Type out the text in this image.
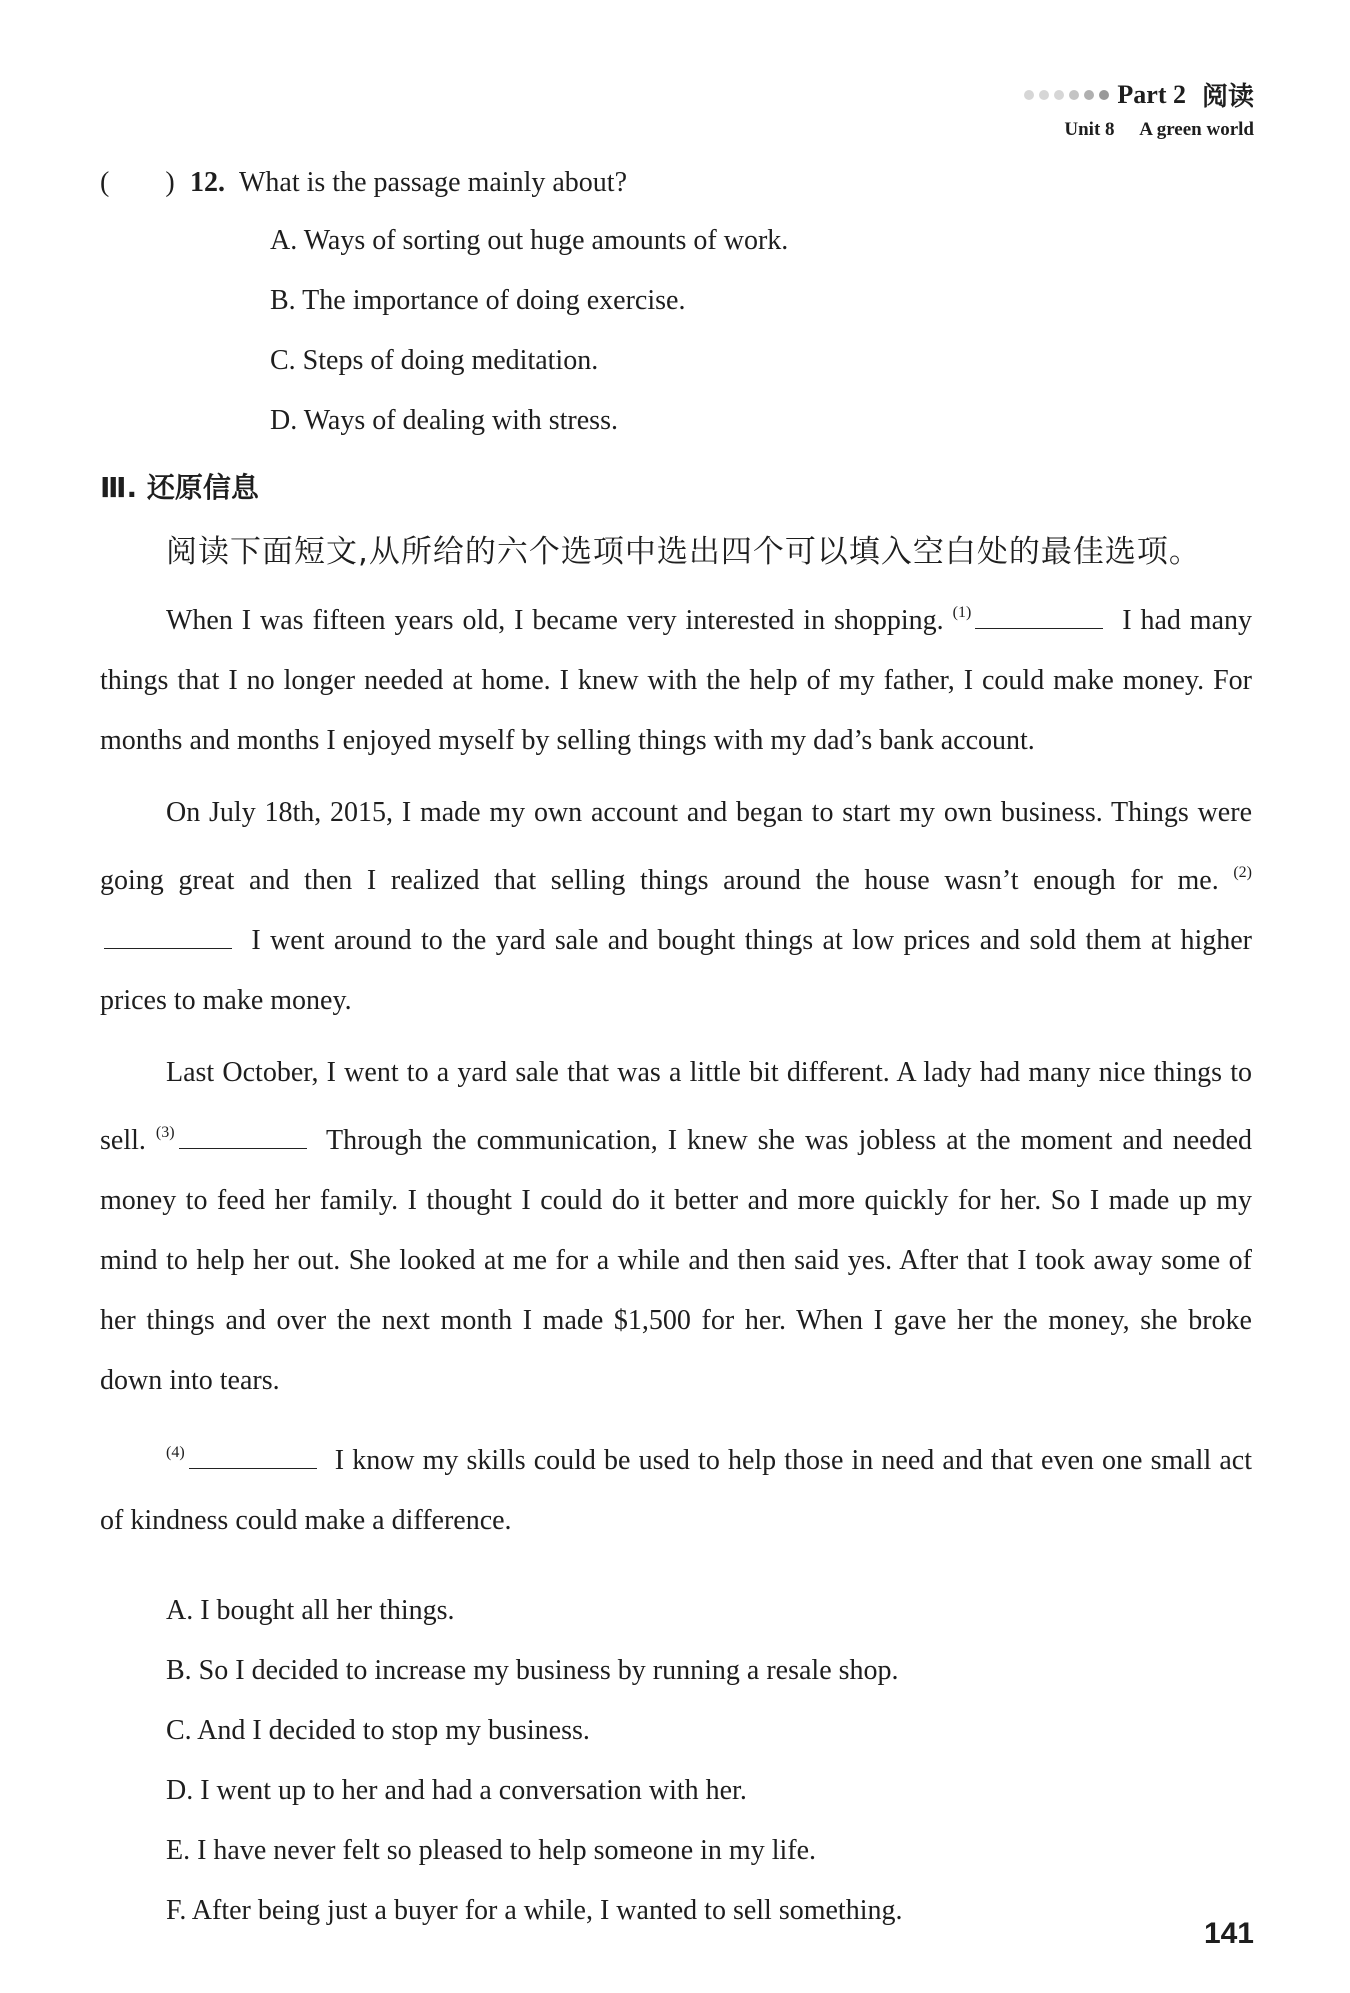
Part 2 阅读
Unit 8 A green world
(　　) 12. What is the passage mainly about?
A. Ways of sorting out huge amounts of work.
B. The importance of doing exercise.
C. Steps of doing meditation.
D. Ways of dealing with stress.
Ⅲ. 还原信息
阅读下面短文,从所给的六个选项中选出四个可以填入空白处的最佳选项。
When I was fifteen years old, I became very interested in shopping. $^{(1)}$	I had many things that I no longer needed at home. I knew with the help of my father, I could make money. For months and months I enjoyed myself by selling things with my dad’s bank account.
On July 18th, 2015, I made my own account and began to start my own business. Things were going great and then I realized that selling things around the house wasn’t enough for me. $^{(2)}$ I went around to the yard sale and bought things at low prices and sold them at higher prices to make money.
Last October, I went to a yard sale that was a little bit different. A lady had many nice things to sell. $^{(3)}$	Through the communication, I knew she was jobless at the moment and needed money to feed her family. I thought I could do it better and more quickly for her. So I made up my mind to help her out. She looked at me for a while and then said yes. After that I took away some of her things and over the next month I made $1,500 for her. When I gave her the money, she broke down into tears.
$^{(4)}$	I know my skills could be used to help those in need and that even one small act of kindness could make a difference.
A. I bought all her things.
B. So I decided to increase my business by running a resale shop.
C. And I decided to stop my business.
D. I went up to her and had a conversation with her.
E. I have never felt so pleased to help someone in my life.
F. After being just a buyer for a while, I wanted to sell something.
141
